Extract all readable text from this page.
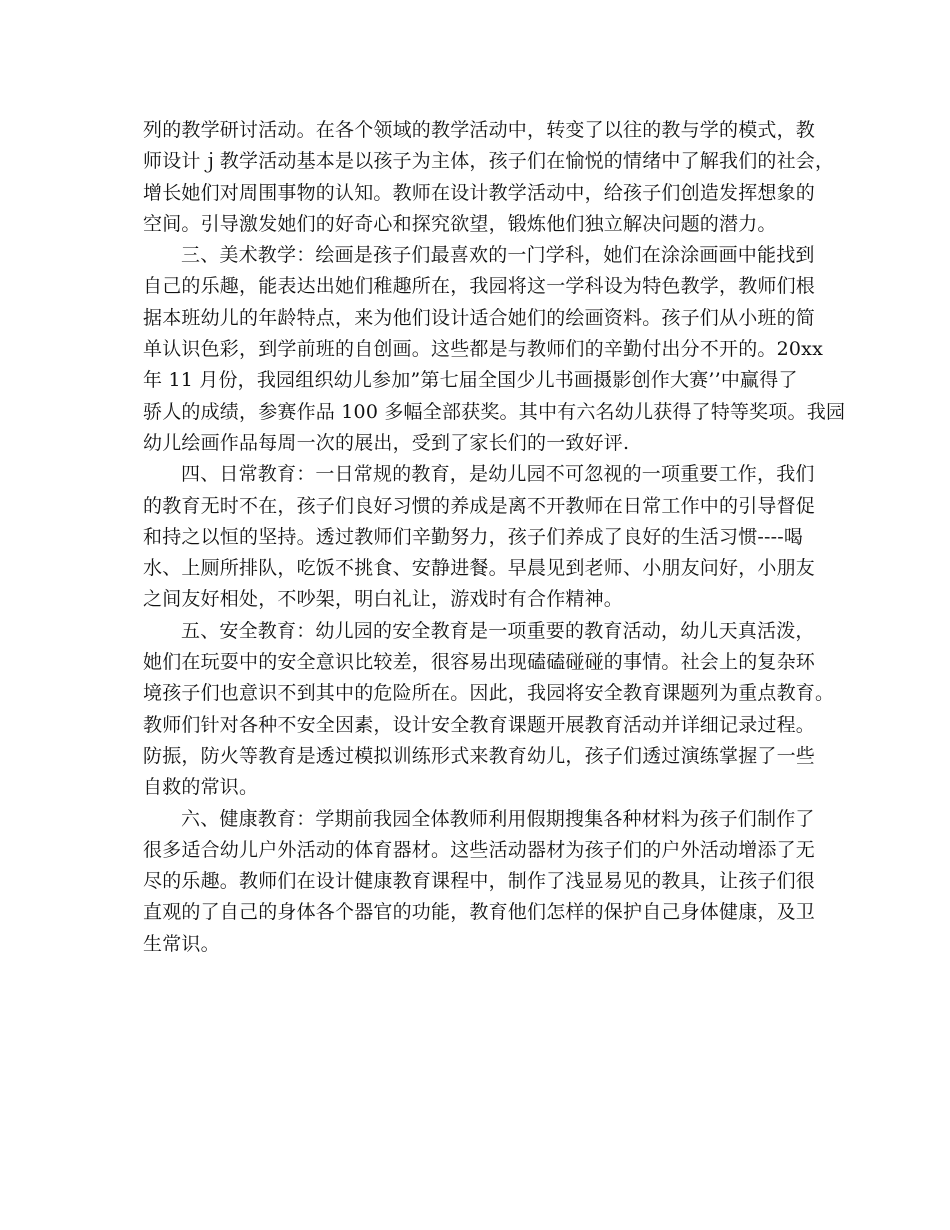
列的教学研讨活动。在各个领域的教学活动中，转变了以往的教与学的模式，教
师设计ｊ教学活动基本是以孩子为主体，孩子们在愉悦的情绪中了解我们的社会，
增长她们对周围事物的认知。教师在设计教学活动中，给孩子们创造发挥想象的
空间。引导激发她们的好奇心和探究欲望，锻炼他们独立解决问题的潜力。
三、美术教学：绘画是孩子们最喜欢的一门学科，她们在涂涂画画中能找到
自己的乐趣，能表达出她们稚趣所在，我园将这一学科设为特色教学，教师们根
据本班幼儿的年龄特点，来为他们设计适合她们的绘画资料。孩子们从小班的简
单认识色彩，到学前班的自创画。这些都是与教师们的辛勤付出分不开的。20xx
年 11 月份，我园组织幼儿参加”第七届全国少儿书画摄影创作大赛’’中赢得了
骄人的成绩，参赛作品 100 多幅全部获奖。其中有六名幼儿获得了特等奖项。我园
幼儿绘画作品每周一次的展出，受到了家长们的一致好评.
四、日常教育：一日常规的教育，是幼儿园不可忽视的一项重要工作，我们
的教育无时不在，孩子们良好习惯的养成是离不开教师在日常工作中的引导督促
和持之以恒的坚持。透过教师们辛勤努力，孩子们养成了良好的生活习惯----喝
水、上厕所排队，吃饭不挑食、安静进餐。早晨见到老师、小朋友问好，小朋友
之间友好相处，不吵架，明白礼让，游戏时有合作精神。
五、安全教育：幼儿园的安全教育是一项重要的教育活动，幼儿天真活泼，
她们在玩耍中的安全意识比较差，很容易出现磕磕碰碰的事情。社会上的复杂环
境孩子们也意识不到其中的危险所在。因此，我园将安全教育课题列为重点教育。
教师们针对各种不安全因素，设计安全教育课题开展教育活动并详细记录过程。
防振，防火等教育是透过模拟训练形式来教育幼儿，孩子们透过演练掌握了一些
自救的常识。
六、健康教育：学期前我园全体教师利用假期搜集各种材料为孩子们制作了
很多适合幼儿户外活动的体育器材。这些活动器材为孩子们的户外活动增添了无
尽的乐趣。教师们在设计健康教育课程中，制作了浅显易见的教具，让孩子们很
直观的了自己的身体各个器官的功能，教育他们怎样的保护自己身体健康，及卫
生常识。
